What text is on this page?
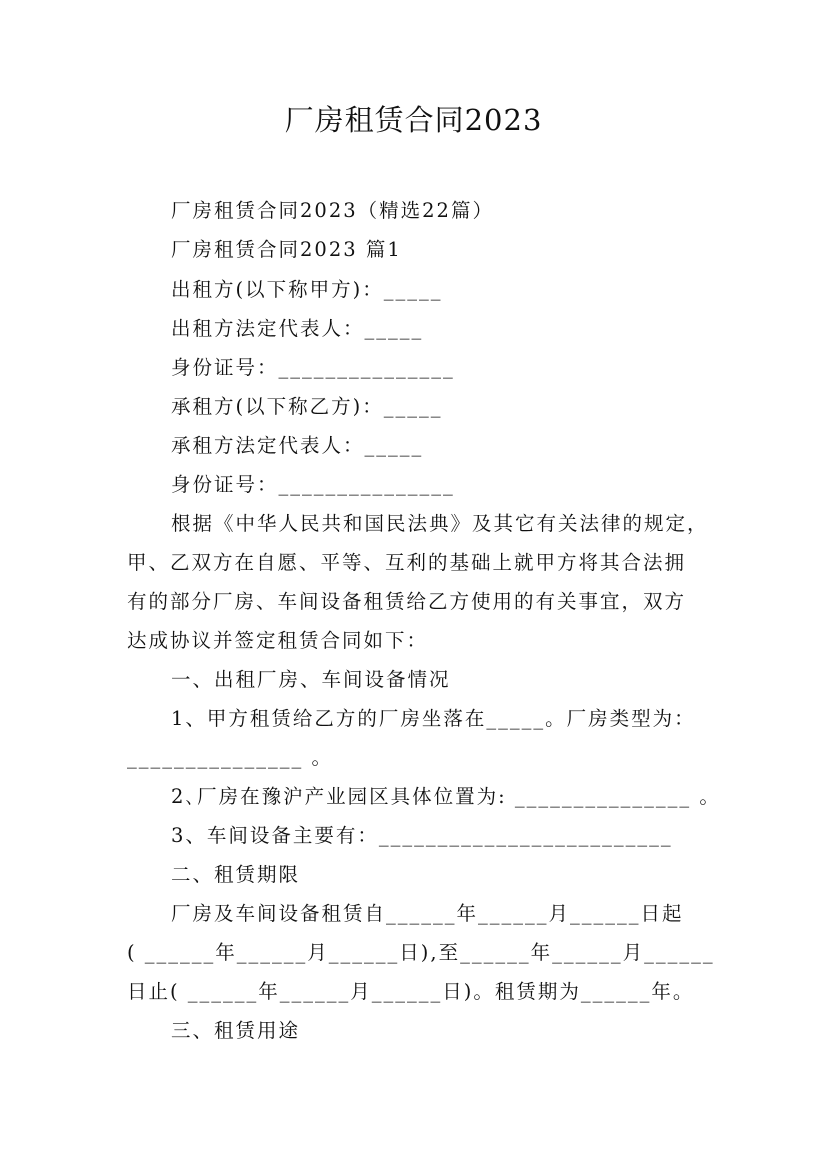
厂房租赁合同2023
厂房租赁合同2023（精选22篇）
厂房租赁合同2023 篇1
出租方(以下称甲方)：_____
出租方法定代表人：_____
身份证号：_______________
承租方(以下称乙方)：_____
承租方法定代表人：_____
身份证号：_______________
根据《中华人民共和国民法典》及其它有关法律的规定，
甲、乙双方在自愿、平等、互利的基础上就甲方将其合法拥
有的部分厂房、车间设备租赁给乙方使用的有关事宜，双方
达成协议并签定租赁合同如下：
一、出租厂房、车间设备情况
1、甲方租赁给乙方的厂房坐落在_____。厂房类型为：
_______________ 。
2､厂房在豫沪产业园区具体位置为: _______________ 。
3、车间设备主要有：_________________________
二、租赁期限
厂房及车间设备租赁自______年______月______日起
( ______年______月______日),至______年______月______
日止( ______年______月______日)。租赁期为______年。
三、租赁用途
